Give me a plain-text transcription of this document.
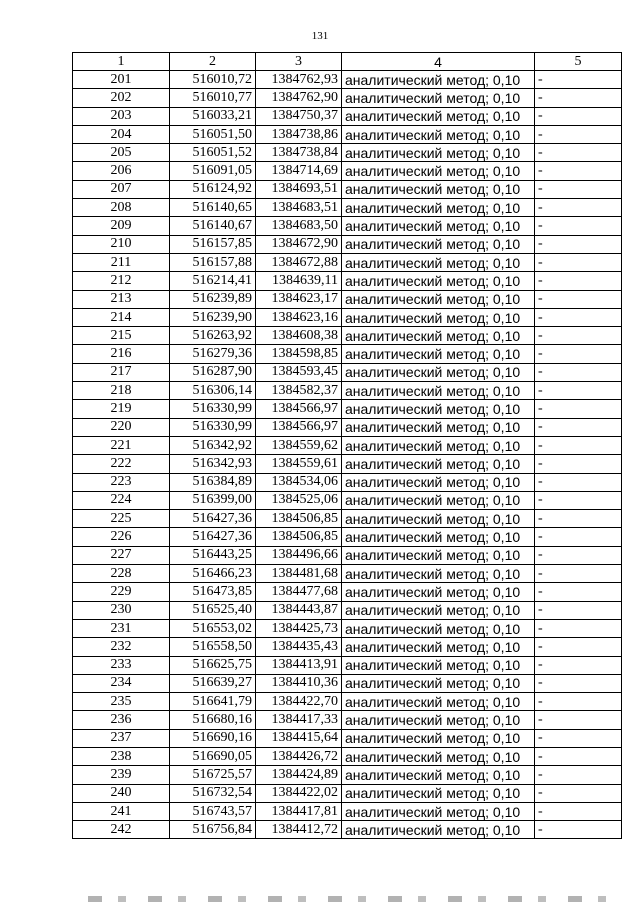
131
1	2	3	4	5
201	516010,72	1384762,93	аналитический метод; 0,10	-
202	516010,77	1384762,90	аналитический метод; 0,10	-
203	516033,21	1384750,37	аналитический метод; 0,10	-
204	516051,50	1384738,86	аналитический метод; 0,10	-
205	516051,52	1384738,84	аналитический метод; 0,10	-
206	516091,05	1384714,69	аналитический метод; 0,10	-
207	516124,92	1384693,51	аналитический метод; 0,10	-
208	516140,65	1384683,51	аналитический метод; 0,10	-
209	516140,67	1384683,50	аналитический метод; 0,10	-
210	516157,85	1384672,90	аналитический метод; 0,10	-
211	516157,88	1384672,88	аналитический метод; 0,10	-
212	516214,41	1384639,11	аналитический метод; 0,10	-
213	516239,89	1384623,17	аналитический метод; 0,10	-
214	516239,90	1384623,16	аналитический метод; 0,10	-
215	516263,92	1384608,38	аналитический метод; 0,10	-
216	516279,36	1384598,85	аналитический метод; 0,10	-
217	516287,90	1384593,45	аналитический метод; 0,10	-
218	516306,14	1384582,37	аналитический метод; 0,10	-
219	516330,99	1384566,97	аналитический метод; 0,10	-
220	516330,99	1384566,97	аналитический метод; 0,10	-
221	516342,92	1384559,62	аналитический метод; 0,10	-
222	516342,93	1384559,61	аналитический метод; 0,10	-
223	516384,89	1384534,06	аналитический метод; 0,10	-
224	516399,00	1384525,06	аналитический метод; 0,10	-
225	516427,36	1384506,85	аналитический метод; 0,10	-
226	516427,36	1384506,85	аналитический метод; 0,10	-
227	516443,25	1384496,66	аналитический метод; 0,10	-
228	516466,23	1384481,68	аналитический метод; 0,10	-
229	516473,85	1384477,68	аналитический метод; 0,10	-
230	516525,40	1384443,87	аналитический метод; 0,10	-
231	516553,02	1384425,73	аналитический метод; 0,10	-
232	516558,50	1384435,43	аналитический метод; 0,10	-
233	516625,75	1384413,91	аналитический метод; 0,10	-
234	516639,27	1384410,36	аналитический метод; 0,10	-
235	516641,79	1384422,70	аналитический метод; 0,10	-
236	516680,16	1384417,33	аналитический метод; 0,10	-
237	516690,16	1384415,64	аналитический метод; 0,10	-
238	516690,05	1384426,72	аналитический метод; 0,10	-
239	516725,57	1384424,89	аналитический метод; 0,10	-
240	516732,54	1384422,02	аналитический метод; 0,10	-
241	516743,57	1384417,81	аналитический метод; 0,10	-
242	516756,84	1384412,72	аналитический метод; 0,10	-
